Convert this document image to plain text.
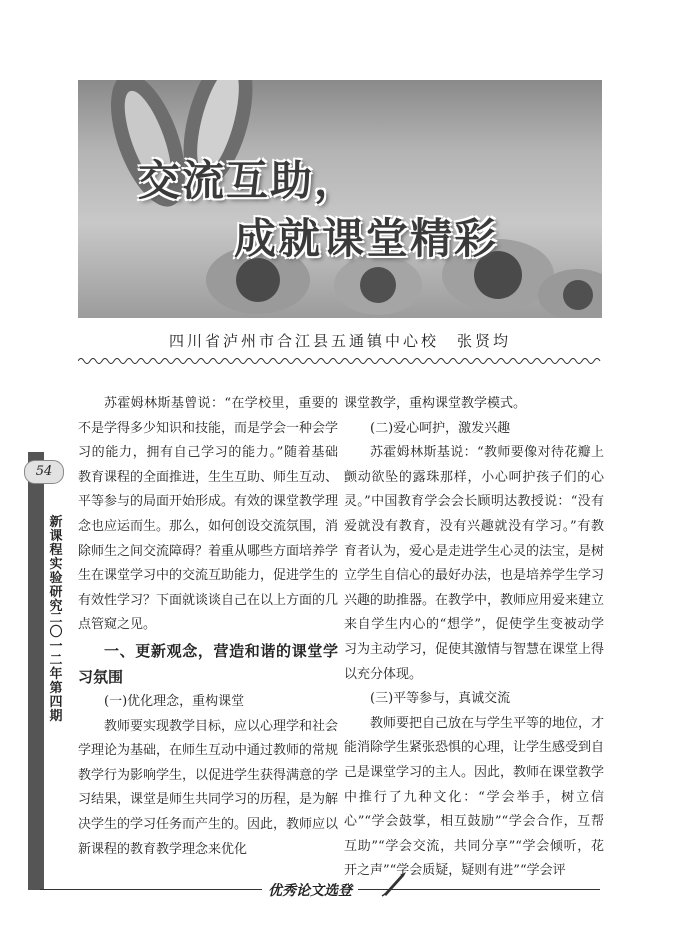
交流互助，
成就课堂精彩
四川省泸州市合江县五通镇中心校　张贤均
54
新课程实验研究
二〇一二年　第四期

苏霍姆林斯基曾说：“在学校里，重要的不是学得多少知识和技能，而是学会一种会学习的能力，拥有自己学习的能力。”随着基础教育课程的全面推进，生生互助、师生互动、平等参与的局面开始形成。有效的课堂教学理念也应运而生。那么，如何创设交流氛围，消除师生之间交流障碍？着重从哪些方面培养学生在课堂学习中的交流互助能力，促进学生的有效性学习？下面就谈谈自己在以上方面的几点管窥之见。

一、更新观念，营造和谐的课堂学习氛围

(一)优化理念，重构课堂

教师要实现教学目标，应以心理学和社会学理论为基础，在师生互动中通过教师的常规教学行为影响学生，以促进学生获得满意的学习结果，课堂是师生共同学习的历程，是为解决学生的学习任务而产生的。因此，教师应以新课程的教育教学理念来优化

课堂教学，重构课堂教学模式。

(二)爱心呵护，激发兴趣

苏霍姆林斯基说：“教师要像对待花瓣上颤动欲坠的露珠那样，小心呵护孩子们的心灵。”中国教育学会会长顾明达教授说：“没有爱就没有教育，没有兴趣就没有学习。”有教育者认为，爱心是走进学生心灵的法宝，是树立学生自信心的最好办法，也是培养学生学习兴趣的助推器。在教学中，教师应用爱来建立来自学生内心的“想学”，促使学生变被动学习为主动学习，促使其激情与智慧在课堂上得以充分体现。

(三)平等参与，真诚交流

教师要把自己放在与学生平等的地位，才能消除学生紧张恐惧的心理，让学生感受到自己是课堂学习的主人。因此，教师在课堂教学中推行了九种文化：“学会举手，树立信心”“学会鼓掌，相互鼓励”“学会合作，互帮互助”“学会交流，共同分享”“学会倾听，花开之声”“学会质疑，疑则有进”“学会评

优秀论文选登
